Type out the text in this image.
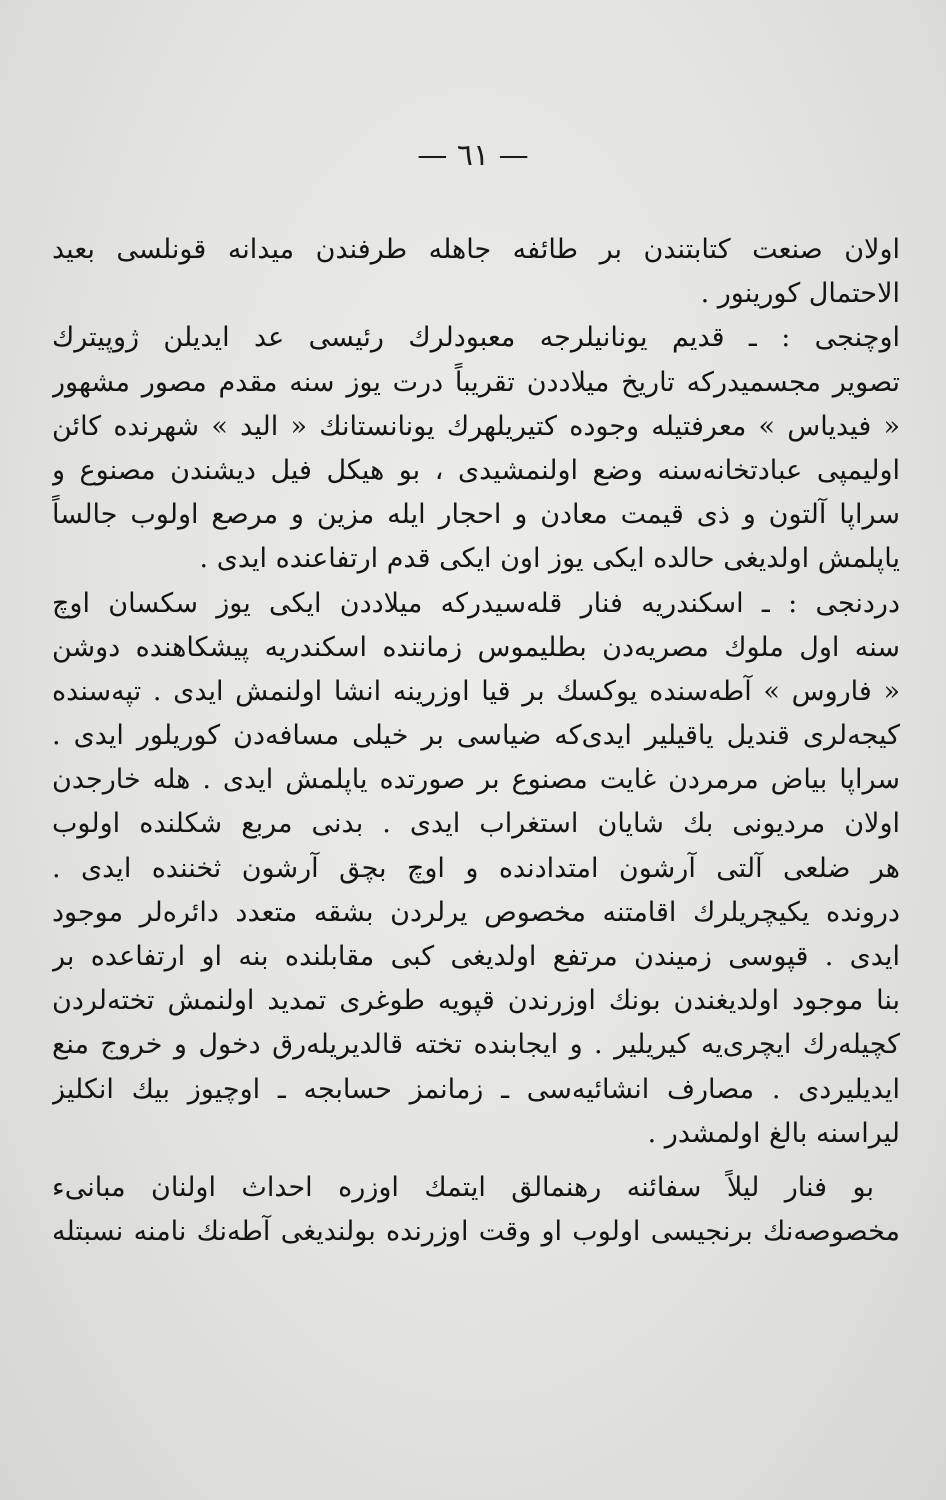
— ٦١ —
اولان صنعت کتابتندن بر طائفه جاهله طرفندن میدانه قونلسی بعید
الاحتمال کورینور .
اوچنجی : ـ قدیم یونانیلرجه معبودلرك رئیسی عد ایدیلن ژوپیترك
تصویر مجسمیدرکه تاریخ میلاددن تقریباً درت یوز سنه مقدم مصور مشهور
« فیدیاس » معرفتیله وجوده کتیریلهرك یونانستانك « الید » شهرنده کائن
اولیمپی عبادتخانه‌سنه وضع اولنمشیدی ، بو هیکل فیل دیشندن مصنوع و
سراپا آلتون و ذی قیمت معادن و احجار ایله مزین و مرصع اولوب جالساً
یاپلمش اولدیغی حالده ایکی یوز اون ایکی قدم ارتفاعنده ایدی .
دردنجی : ـ اسکندریه فنار قله‌سیدرکه میلاددن ایکی یوز سکسان اوچ
سنه اول ملوك مصریه‌دن بطلیموس زماننده اسکندریه پیشکاهنده دوشن
« فاروس » آطه‌سنده یوکسك بر قیا اوزرینه انشا اولنمش ایدی . تپه‌سنده
کیجه‌لری قندیل یاقیلیر ایدی‌که ضیاسی بر خیلی مسافه‌دن کوریلور ایدی .
سراپا بیاض مرمردن غایت مصنوع بر صورتده یاپلمش ایدی . هله خارجدن
اولان مردیونی بك شایان استغراب ایدی . بدنی مربع شکلنده اولوب
هر ضلعی آلتی آرشون امتدادنده و اوچ بچق آرشون ثخننده ایدی .
درونده یکیچریلرك اقامتنه مخصوص یرلردن بشقه متعدد دائره‌لر موجود
ایدی . قپوسی زمیندن مرتفع اولدیغی کبی مقابلنده بنه او ارتفاعده بر
بنا موجود اولدیغندن بونك اوزرندن قپویه طوغری تمدید اولنمش تخته‌لردن
کچیله‌رك ایچری‌یه کیریلیر . و ایجابنده تخته قالدیریله‌رق دخول و خروج منع
ایدیلیردی . مصارف انشائیه‌سی ـ زمانمز حسابجه ـ اوچیوز بیك انکلیز
لیراسنه بالغ اولمشدر .
بو فنار لیلاً سفائنه رهنمالق ایتمك اوزره احداث اولنان مبانیء
مخصوصه‌نك برنجیسی اولوب او وقت اوزرنده بولندیغی آطه‌نك نامنه نسبتله
